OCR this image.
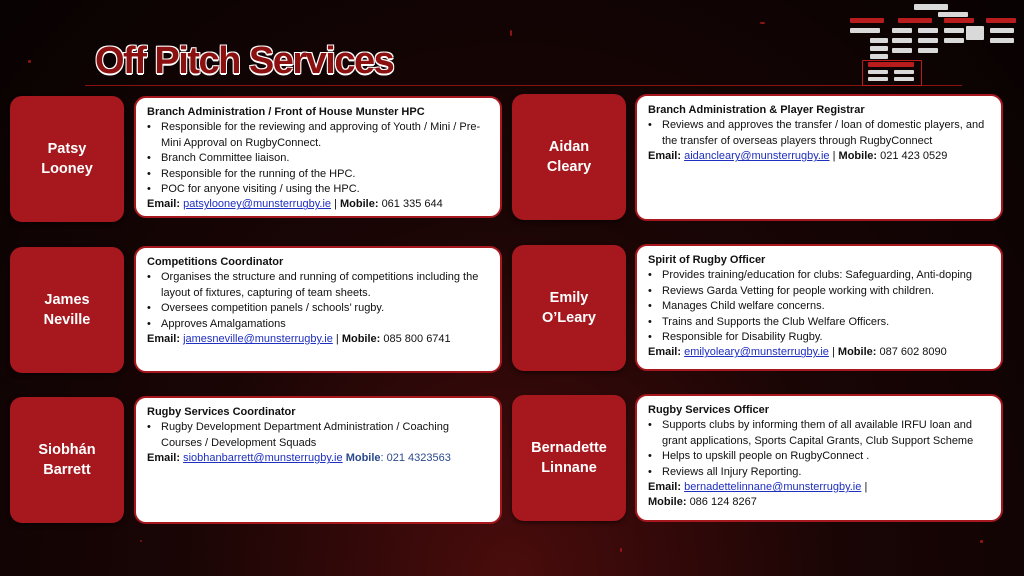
Off Pitch Services
Patsy
Looney
Branch Administration / Front of House Munster HPC
• Responsible for the reviewing and approving of Youth / Mini / Pre-Mini Approval on RugbyConnect.
• Branch Committee liaison.
• Responsible for the running of the HPC.
• POC for anyone visiting / using the HPC.
Email: patsylooney@munsterrugby.ie | Mobile: 061 335 644
Aidan
Cleary
Branch Administration & Player Registrar
• Reviews and approves the transfer / loan of domestic players, and the transfer of overseas players through RugbyConnect
Email: aidancleary@munsterrugby.ie | Mobile: 021 423 0529
James
Neville
Competitions Coordinator
• Organises the structure and running of competitions including the layout of fixtures, capturing of team sheets.
• Oversees competition panels / schools’ rugby.
• Approves Amalgamations
Email: jamesneville@munsterrugby.ie | Mobile: 085 800 6741
Emily
O’Leary
Spirit of Rugby Officer
• Provides training/education for clubs: Safeguarding, Anti-doping
• Reviews Garda Vetting for people working with children.
• Manages Child welfare concerns.
• Trains and Supports the Club Welfare Officers.
• Responsible for Disability Rugby.
Email: emilyoleary@munsterrugby.ie | Mobile: 087 602 8090
Siobhán
Barrett
Rugby Services Coordinator
• Rugby Development Department Administration / Coaching Courses / Development Squads
Email: siobhanbarrett@munsterrugby.ie Mobile: 021 4323563
Bernadette
Linnane
Rugby Services Officer
• Supports clubs by informing them of all available IRFU loan and grant applications, Sports Capital Grants, Club Support Scheme
• Helps to upskill people on RugbyConnect .
• Reviews all Injury Reporting.
Email: bernadettelinnane@munsterrugby.ie |
Mobile: 086 124 8267
